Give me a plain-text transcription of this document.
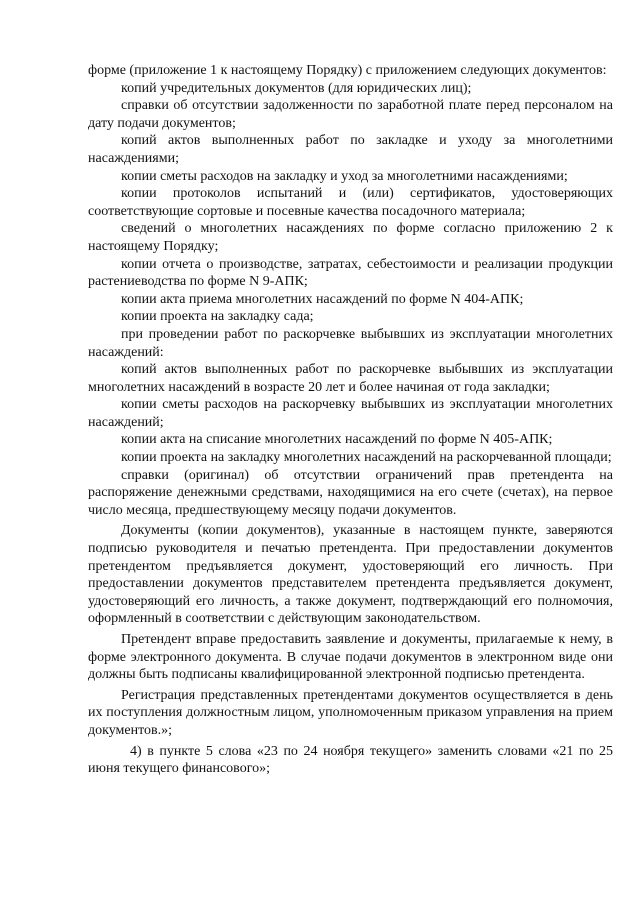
форме (приложение 1 к настоящему Порядку) с приложением следующих документов:

копий учредительных документов (для юридических лиц);

справки об отсутствии задолженности по заработной плате перед персоналом на дату подачи документов;

копий актов выполненных работ по закладке и уходу за многолетними насаждениями;

копии сметы расходов на закладку и уход за многолетними насаждениями;

копии протоколов испытаний и (или) сертификатов, удостоверяющих соответствующие сортовые и посевные качества посадочного материала;

сведений о многолетних насаждениях по форме согласно приложению 2 к настоящему Порядку;

копии отчета о производстве, затратах, себестоимости и реализации продукции растениеводства по форме N 9-АПК;

копии акта приема многолетних насаждений по форме N 404-АПК;

копии проекта на закладку сада;

при проведении работ по раскорчевке выбывших из эксплуатации многолетних насаждений:

копий актов выполненных работ по раскорчевке выбывших из эксплуатации многолетних насаждений в возрасте 20 лет и более начиная от года закладки;

копии сметы расходов на раскорчевку выбывших из эксплуатации многолетних насаждений;

копии акта на списание многолетних насаждений по форме N 405-АПК;

копии проекта на закладку многолетних насаждений на раскорчеванной площади;

справки (оригинал) об отсутствии ограничений прав претендента на распоряжение денежными средствами, находящимися на его счете (счетах), на первое число месяца, предшествующему месяцу подачи документов.

Документы (копии документов), указанные в настоящем пункте, заверяются подписью руководителя и печатью претендента. При предоставлении документов претендентом предъявляется документ, удостоверяющий его личность. При предоставлении документов представителем претендента предъявляется документ, удостоверяющий его личность, а также документ, подтверждающий его полномочия, оформленный в соответствии с действующим законодательством.

Претендент вправе предоставить заявление и документы, прилагаемые к нему, в форме электронного документа. В случае подачи документов в электронном виде они должны быть подписаны квалифицированной электронной подписью претендента.

Регистрация представленных претендентами документов осуществляется в день их поступления должностным лицом, уполномоченным приказом управления на прием документов.»;

4) в пункте 5 слова «23 по 24 ноября текущего» заменить словами «21 по 25 июня текущего финансового»;
